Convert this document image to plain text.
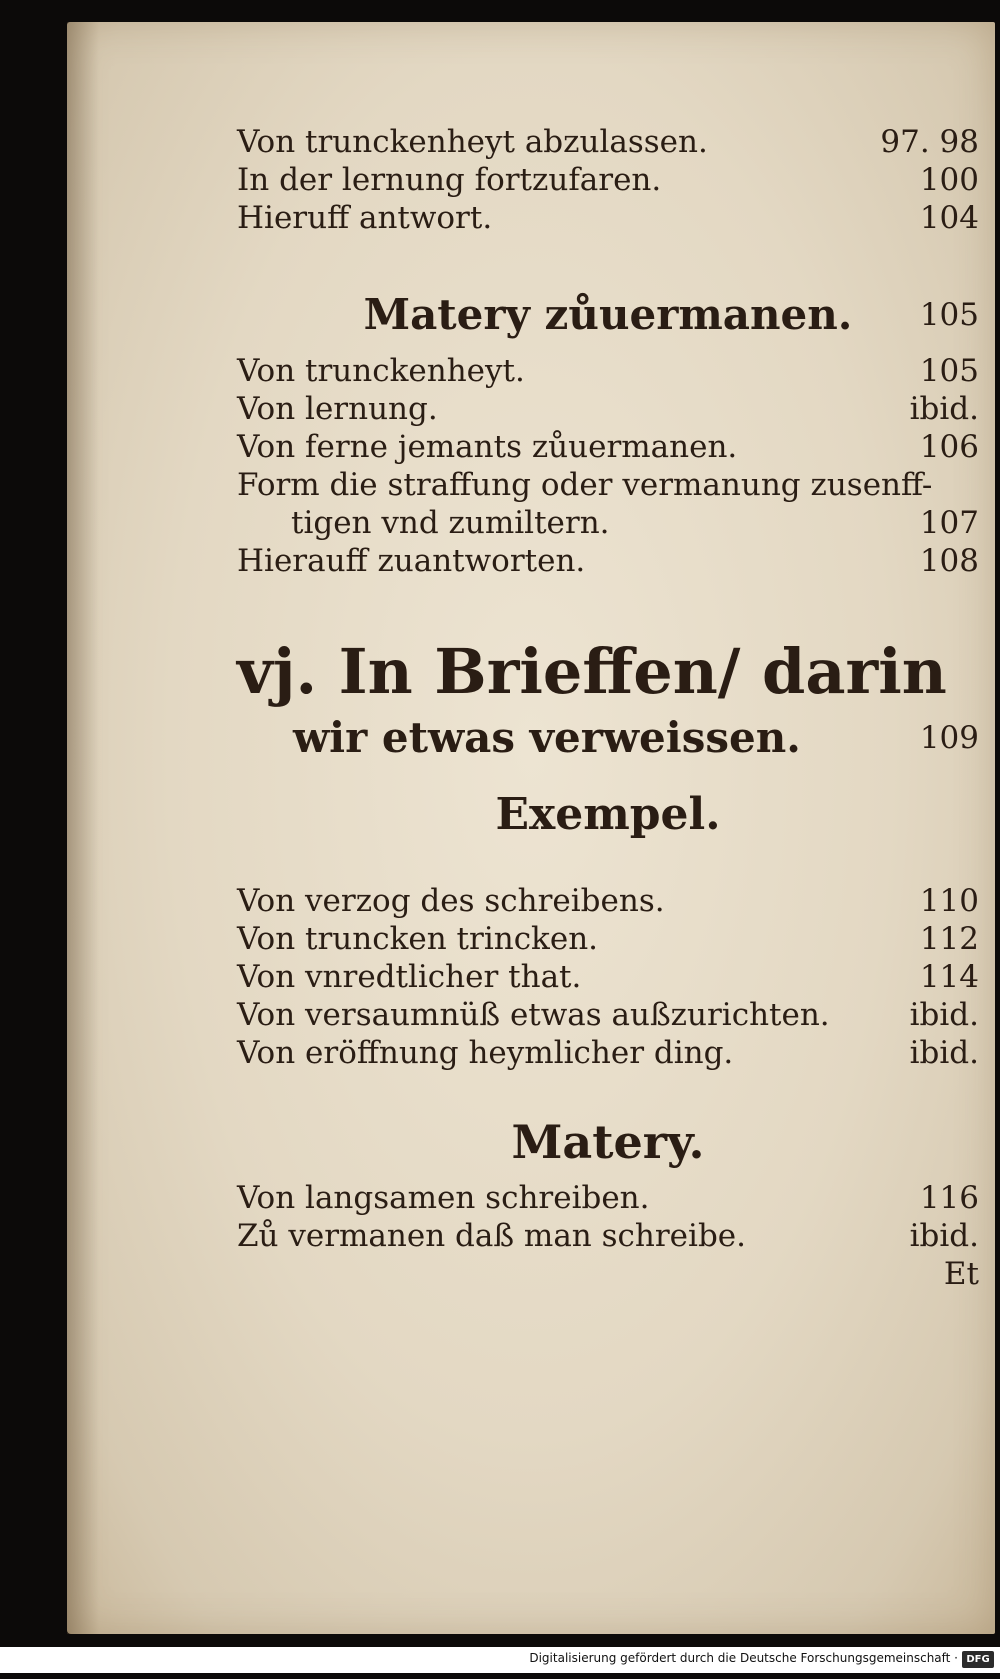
Von trunckenheyt abzulassen.	97. 98
In der lernung fortzufaren.	100
Hieruff antwort.	104
Matery zůuermanen. 105
Von trunckenheyt.	105
Von lernung.	ibid.
Von ferne jemants zůuermanen.	106
Form die straffung oder vermanung zusenff-
tigen vnd zumiltern.	107
Hierauff zuantworten.	108
vj. In Brieffen/ darin
wir etwas verweissen.	109
Exempel.
Von verzog des schreibens.	110
Von truncken trincken.	112
Von vnredtlicher that.	114
Von versaumnüß etwas außzurichten.	ibid.
Von eröffnung heymlicher ding.	ibid.
Matery.
Von langsamen schreiben.	116
Zů vermanen daß man schreibe.	ibid.
Et
Digitalisierung gefördert durch die Deutsche Forschungsgemeinschaft · DFG
